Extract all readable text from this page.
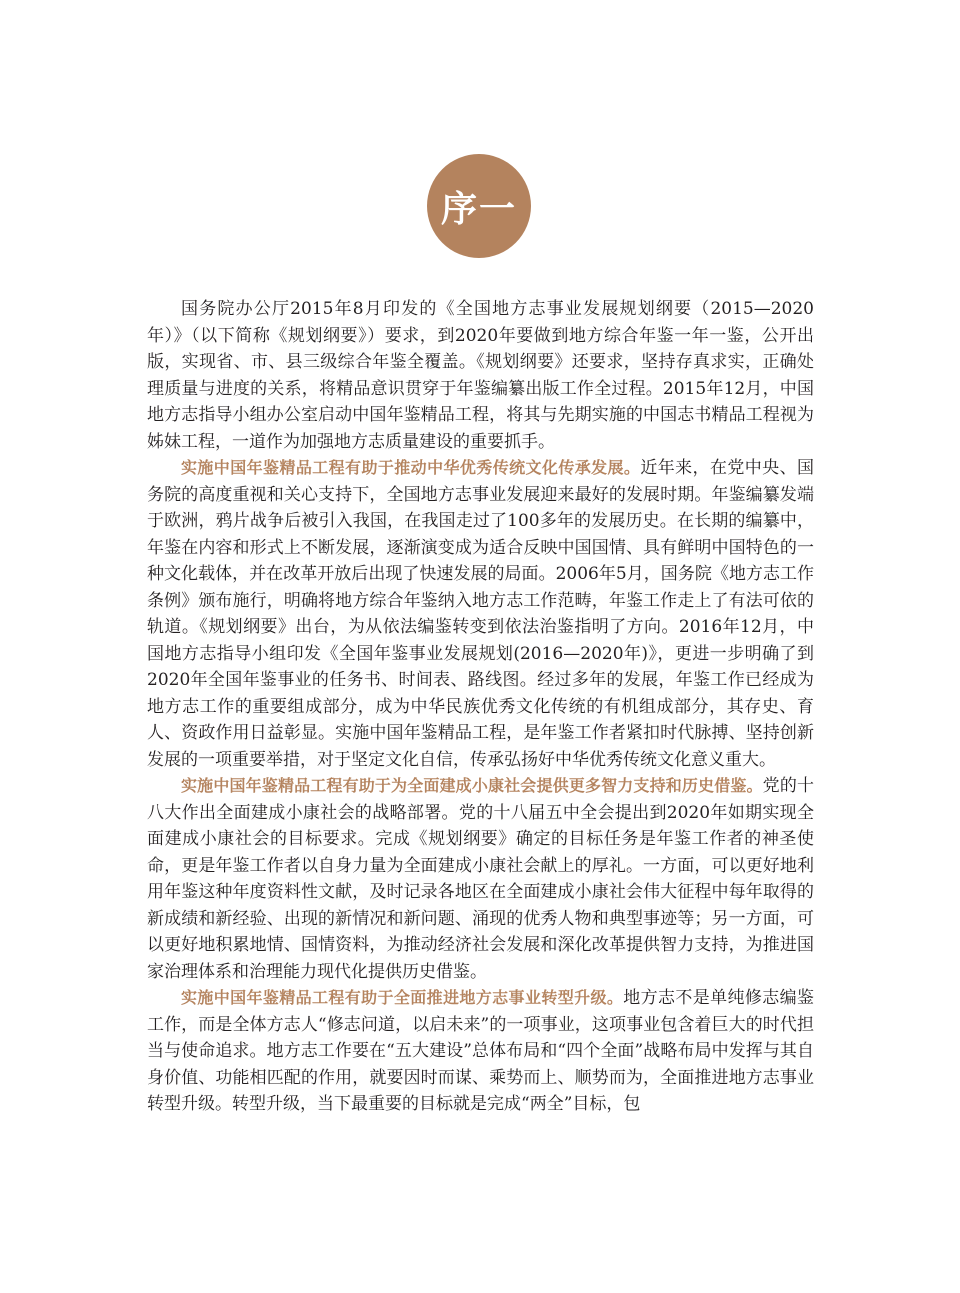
序一

国务院办公厅2015年8月印发的《全国地方志事业发展规划纲要（2015—2020年）》（以下简称《规划纲要》）要求，到2020年要做到地方综合年鉴一年一鉴，公开出版，实现省、市、县三级综合年鉴全覆盖。《规划纲要》还要求，坚持存真求实，正确处理质量与进度的关系，将精品意识贯穿于年鉴编纂出版工作全过程。2015年12月，中国地方志指导小组办公室启动中国年鉴精品工程，将其与先期实施的中国志书精品工程视为姊妹工程，一道作为加强地方志质量建设的重要抓手。

实施中国年鉴精品工程有助于推动中华优秀传统文化传承发展。近年来，在党中央、国务院的高度重视和关心支持下，全国地方志事业发展迎来最好的发展时期。年鉴编纂发端于欧洲，鸦片战争后被引入我国，在我国走过了100多年的发展历史。在长期的编纂中，年鉴在内容和形式上不断发展，逐渐演变成为适合反映中国国情、具有鲜明中国特色的一种文化载体，并在改革开放后出现了快速发展的局面。2006年5月，国务院《地方志工作条例》颁布施行，明确将地方综合年鉴纳入地方志工作范畴，年鉴工作走上了有法可依的轨道。《规划纲要》出台，为从依法编鉴转变到依法治鉴指明了方向。2016年12月，中国地方志指导小组印发《全国年鉴事业发展规划(2016—2020年)》，更进一步明确了到2020年全国年鉴事业的任务书、时间表、路线图。经过多年的发展，年鉴工作已经成为地方志工作的重要组成部分，成为中华民族优秀文化传统的有机组成部分，其存史、育人、资政作用日益彰显。实施中国年鉴精品工程，是年鉴工作者紧扣时代脉搏、坚持创新发展的一项重要举措，对于坚定文化自信，传承弘扬好中华优秀传统文化意义重大。

实施中国年鉴精品工程有助于为全面建成小康社会提供更多智力支持和历史借鉴。党的十八大作出全面建成小康社会的战略部署。党的十八届五中全会提出到2020年如期实现全面建成小康社会的目标要求。完成《规划纲要》确定的目标任务是年鉴工作者的神圣使命，更是年鉴工作者以自身力量为全面建成小康社会献上的厚礼。一方面，可以更好地利用年鉴这种年度资料性文献，及时记录各地区在全面建成小康社会伟大征程中每年取得的新成绩和新经验、出现的新情况和新问题、涌现的优秀人物和典型事迹等；另一方面，可以更好地积累地情、国情资料，为推动经济社会发展和深化改革提供智力支持，为推进国家治理体系和治理能力现代化提供历史借鉴。

实施中国年鉴精品工程有助于全面推进地方志事业转型升级。地方志不是单纯修志编鉴工作，而是全体方志人“修志问道，以启未来”的一项事业，这项事业包含着巨大的时代担当与使命追求。地方志工作要在“五大建设”总体布局和“四个全面”战略布局中发挥与其自身价值、功能相匹配的作用，就要因时而谋、乘势而上、顺势而为，全面推进地方志事业转型升级。转型升级，当下最重要的目标就是完成“两全”目标，包
